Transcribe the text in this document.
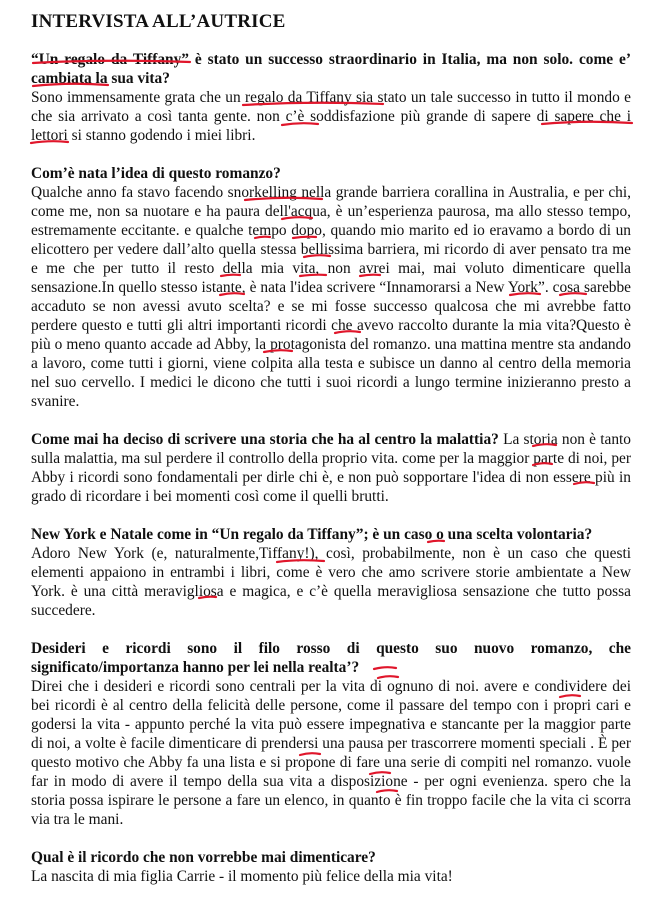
INTERVISTA ALL’AUTRICE

“Un regalo da Tiffany” è stato un successo straordinario in Italia, ma non solo. come e’ cambiata la sua vita?

Sono immensamente grata che un regalo da Tiffany sia stato un tale successo in tutto il mondo e che sia arrivato a così tanta gente. non c’è soddisfazione più grande di sapere di sapere che i lettori si stanno godendo i miei libri.

Com’è nata l’idea di questo romanzo?

Qualche anno fa stavo facendo snorkelling nella grande barriera corallina in Australia, e per chi, come me, non sa nuotare e ha paura dell'acqua, è un’esperienza paurosa, ma allo stesso tempo, estremamente eccitante. e qualche tempo dopo, quando mio marito ed io eravamo a bordo di un elicottero per vedere dall’alto quella stessa bellissima barriera, mi ricordo di aver pensato tra me e me che per tutto il resto della mia vita, non avrei mai, mai voluto dimenticare quella sensazione.In quello stesso istante, è nata l'idea scrivere “Innamorarsi a New York”. cosa sarebbe accaduto se non avessi avuto scelta? e se mi fosse successo qualcosa che mi avrebbe fatto perdere questo e tutti gli altri importanti ricordi che avevo raccolto durante la mia vita?Questo è più o meno quanto accade ad Abby, la protagonista del romanzo. una mattina mentre sta andando a lavoro, come tutti i giorni, viene colpita alla testa e subisce un danno al centro della memoria nel suo cervello. I medici le dicono che tutti i suoi ricordi a lungo termine inizieranno presto a svanire.

Come mai ha deciso di scrivere una storia che ha al centro la malattia? La storia non è tanto sulla malattia, ma sul perdere il controllo della proprio vita. come per la maggior parte di noi, per Abby i ricordi sono fondamentali per dirle chi è, e non può sopportare l'idea di non essere più in grado di ricordare i bei momenti così come il quelli brutti.

New York e Natale come in “Un regalo da Tiffany”; è un caso o una scelta volontaria?

Adoro New York (e, naturalmente,Tiffany!), così, probabilmente, non è un caso che questi elementi appaiono in entrambi i libri, come è vero che amo scrivere storie ambientate a New York. è una città meravigliosa e magica, e c’è quella meravigliosa sensazione che tutto possa succedere.

Desideri e ricordi sono il filo rosso di questo suo nuovo romanzo, che significato/importanza hanno per lei nella realta’?

Direi che i desideri e ricordi sono centrali per la vita di ognuno di noi. avere e condividere dei bei ricordi è al centro della felicità delle persone, come il passare del tempo con i propri cari e godersi la vita - appunto perché la vita può essere impegnativa e stancante per la maggior parte di noi, a volte è facile dimenticare di prendersi una pausa per trascorrere momenti speciali . È per questo motivo che Abby fa una lista e si propone di fare una serie di compiti nel romanzo. vuole far in modo di avere il tempo della sua vita a disposizione - per ogni evenienza. spero che la storia possa ispirare le persone a fare un elenco, in quanto è fin troppo facile che la vita ci scorra via tra le mani.

Qual è il ricordo che non vorrebbe mai dimenticare?

La nascita di mia figlia Carrie - il momento più felice della mia vita!
